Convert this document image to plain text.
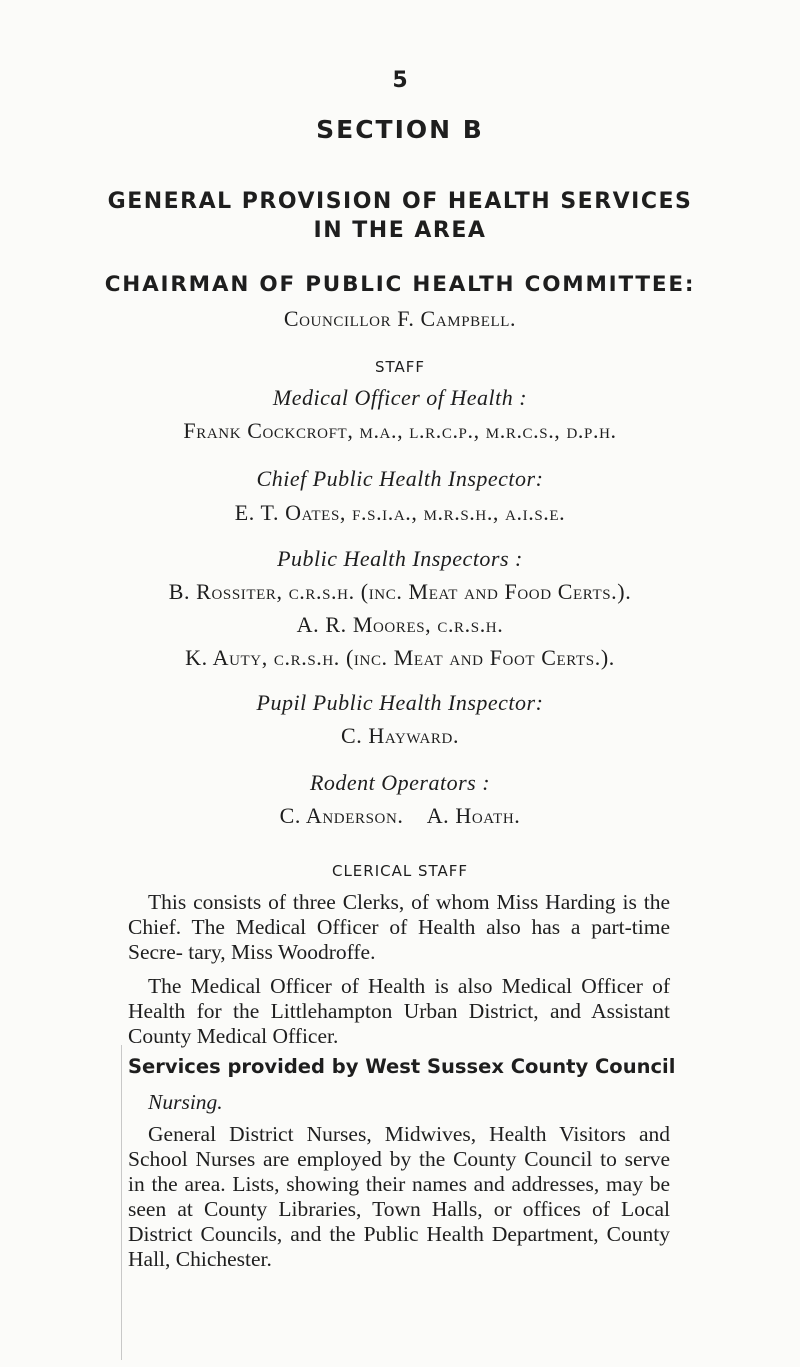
5
SECTION B
GENERAL PROVISION OF HEALTH SERVICES
IN THE AREA
CHAIRMAN OF PUBLIC HEALTH COMMITTEE:
Councillor F. Campbell.
STAFF
Medical Officer of Health :
Frank Cockcroft, m.a., l.r.c.p., m.r.c.s., d.p.h.
Chief Public Health Inspector:
E. T. Oates, f.s.i.a., m.r.s.h., a.i.s.e.
Public Health Inspectors :
B. Rossiter, c.r.s.h. (inc. Meat and Food Certs.).
A. R. Moores, c.r.s.h.
K. Auty, c.r.s.h. (inc. Meat and Foot Certs.).
Pupil Public Health Inspector:
C. Hayward.
Rodent Operators :
C. Anderson.    A. Hoath.
CLERICAL STAFF
This consists of three Clerks, of whom Miss Harding is the Chief. The Medical Officer of Health also has a part-time Secre- tary, Miss Woodroffe.
The Medical Officer of Health is also Medical Officer of Health for the Littlehampton Urban District, and Assistant County Medical Officer.
Services provided by West Sussex County Council
Nursing.
General District Nurses, Midwives, Health Visitors and School Nurses are employed by the County Council to serve in the area. Lists, showing their names and addresses, may be seen at County Libraries, Town Halls, or offices of Local District Councils, and the Public Health Department, County Hall, Chichester.
